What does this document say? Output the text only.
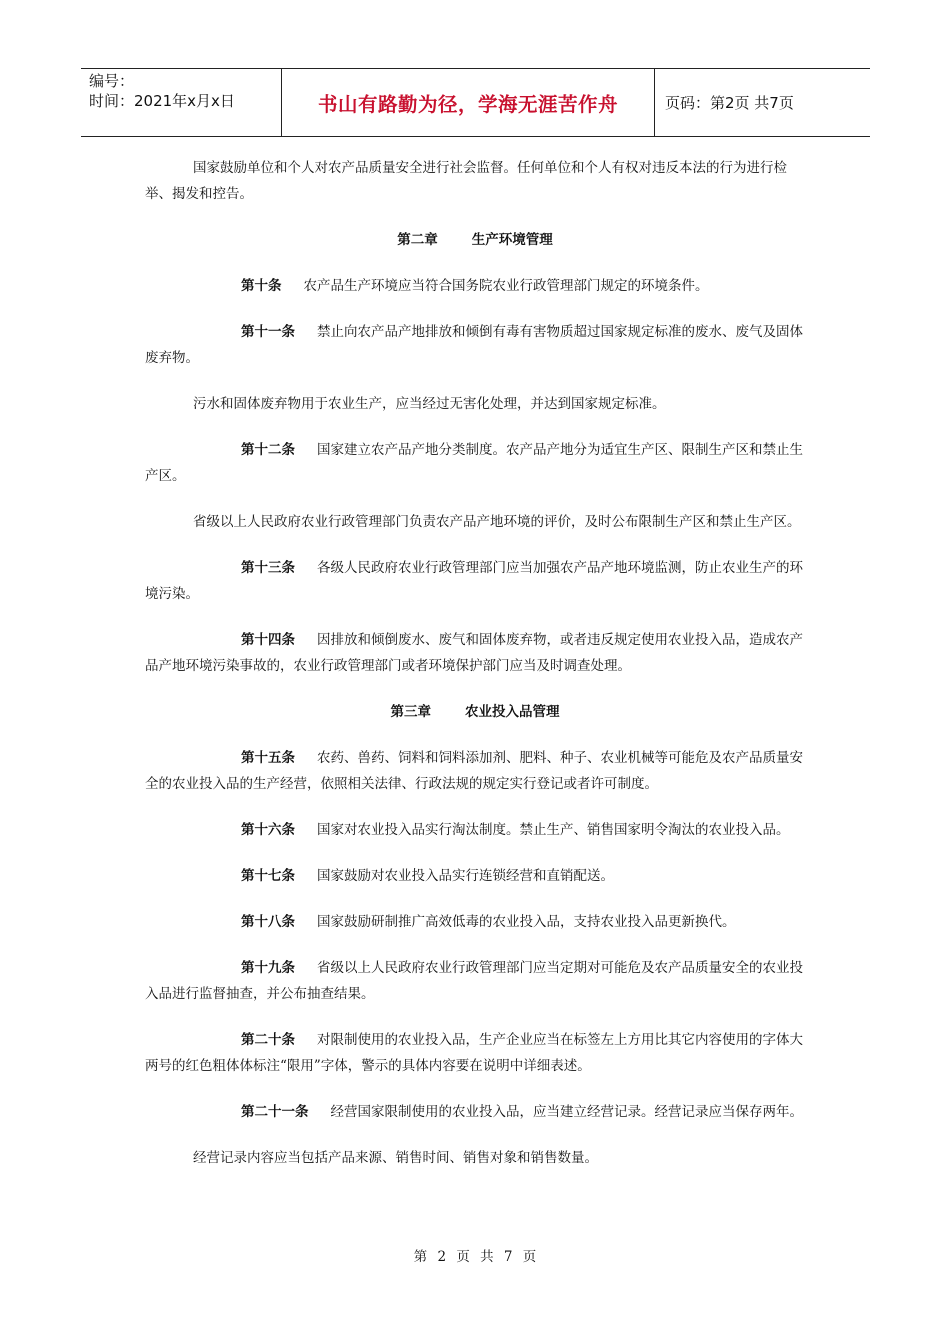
编号：
时间：2021年x月x日	书山有路勤为径，学海无涯苦作舟	页码：第2页 共7页

国家鼓励单位和个人对农产品质量安全进行社会监督。任何单位和个人有权对违反本法的行为进行检举、揭发和控告。

第二章	生产环境管理

第十条 农产品生产环境应当符合国务院农业行政管理部门规定的环境条件。

第十一条 禁止向农产品产地排放和倾倒有毒有害物质超过国家规定标准的废水、废气及固体废弃物。

污水和固体废弃物用于农业生产，应当经过无害化处理，并达到国家规定标准。

第十二条 国家建立农产品产地分类制度。农产品产地分为适宜生产区、限制生产区和禁止生产区。

省级以上人民政府农业行政管理部门负责农产品产地环境的评价，及时公布限制生产区和禁止生产区。

第十三条 各级人民政府农业行政管理部门应当加强农产品产地环境监测，防止农业生产的环境污染。

第十四条 因排放和倾倒废水、废气和固体废弃物，或者违反规定使用农业投入品，造成农产品产地环境污染事故的，农业行政管理部门或者环境保护部门应当及时调查处理。

第三章	农业投入品管理

第十五条 农药、兽药、饲料和饲料添加剂、肥料、种子、农业机械等可能危及农产品质量安全的农业投入品的生产经营，依照相关法律、行政法规的规定实行登记或者许可制度。

第十六条 国家对农业投入品实行淘汰制度。禁止生产、销售国家明令淘汰的农业投入品。

第十七条 国家鼓励对农业投入品实行连锁经营和直销配送。

第十八条 国家鼓励研制推广高效低毒的农业投入品，支持农业投入品更新换代。

第十九条 省级以上人民政府农业行政管理部门应当定期对可能危及农产品质量安全的农业投入品进行监督抽查，并公布抽查结果。

第二十条 对限制使用的农业投入品，生产企业应当在标签左上方用比其它内容使用的字体大两号的红色粗体体标注“限用”字体，警示的具体内容要在说明中详细表述。

第二十一条 经营国家限制使用的农业投入品，应当建立经营记录。经营记录应当保存两年。

经营记录内容应当包括产品来源、销售时间、销售对象和销售数量。

第 2 页 共 7 页
